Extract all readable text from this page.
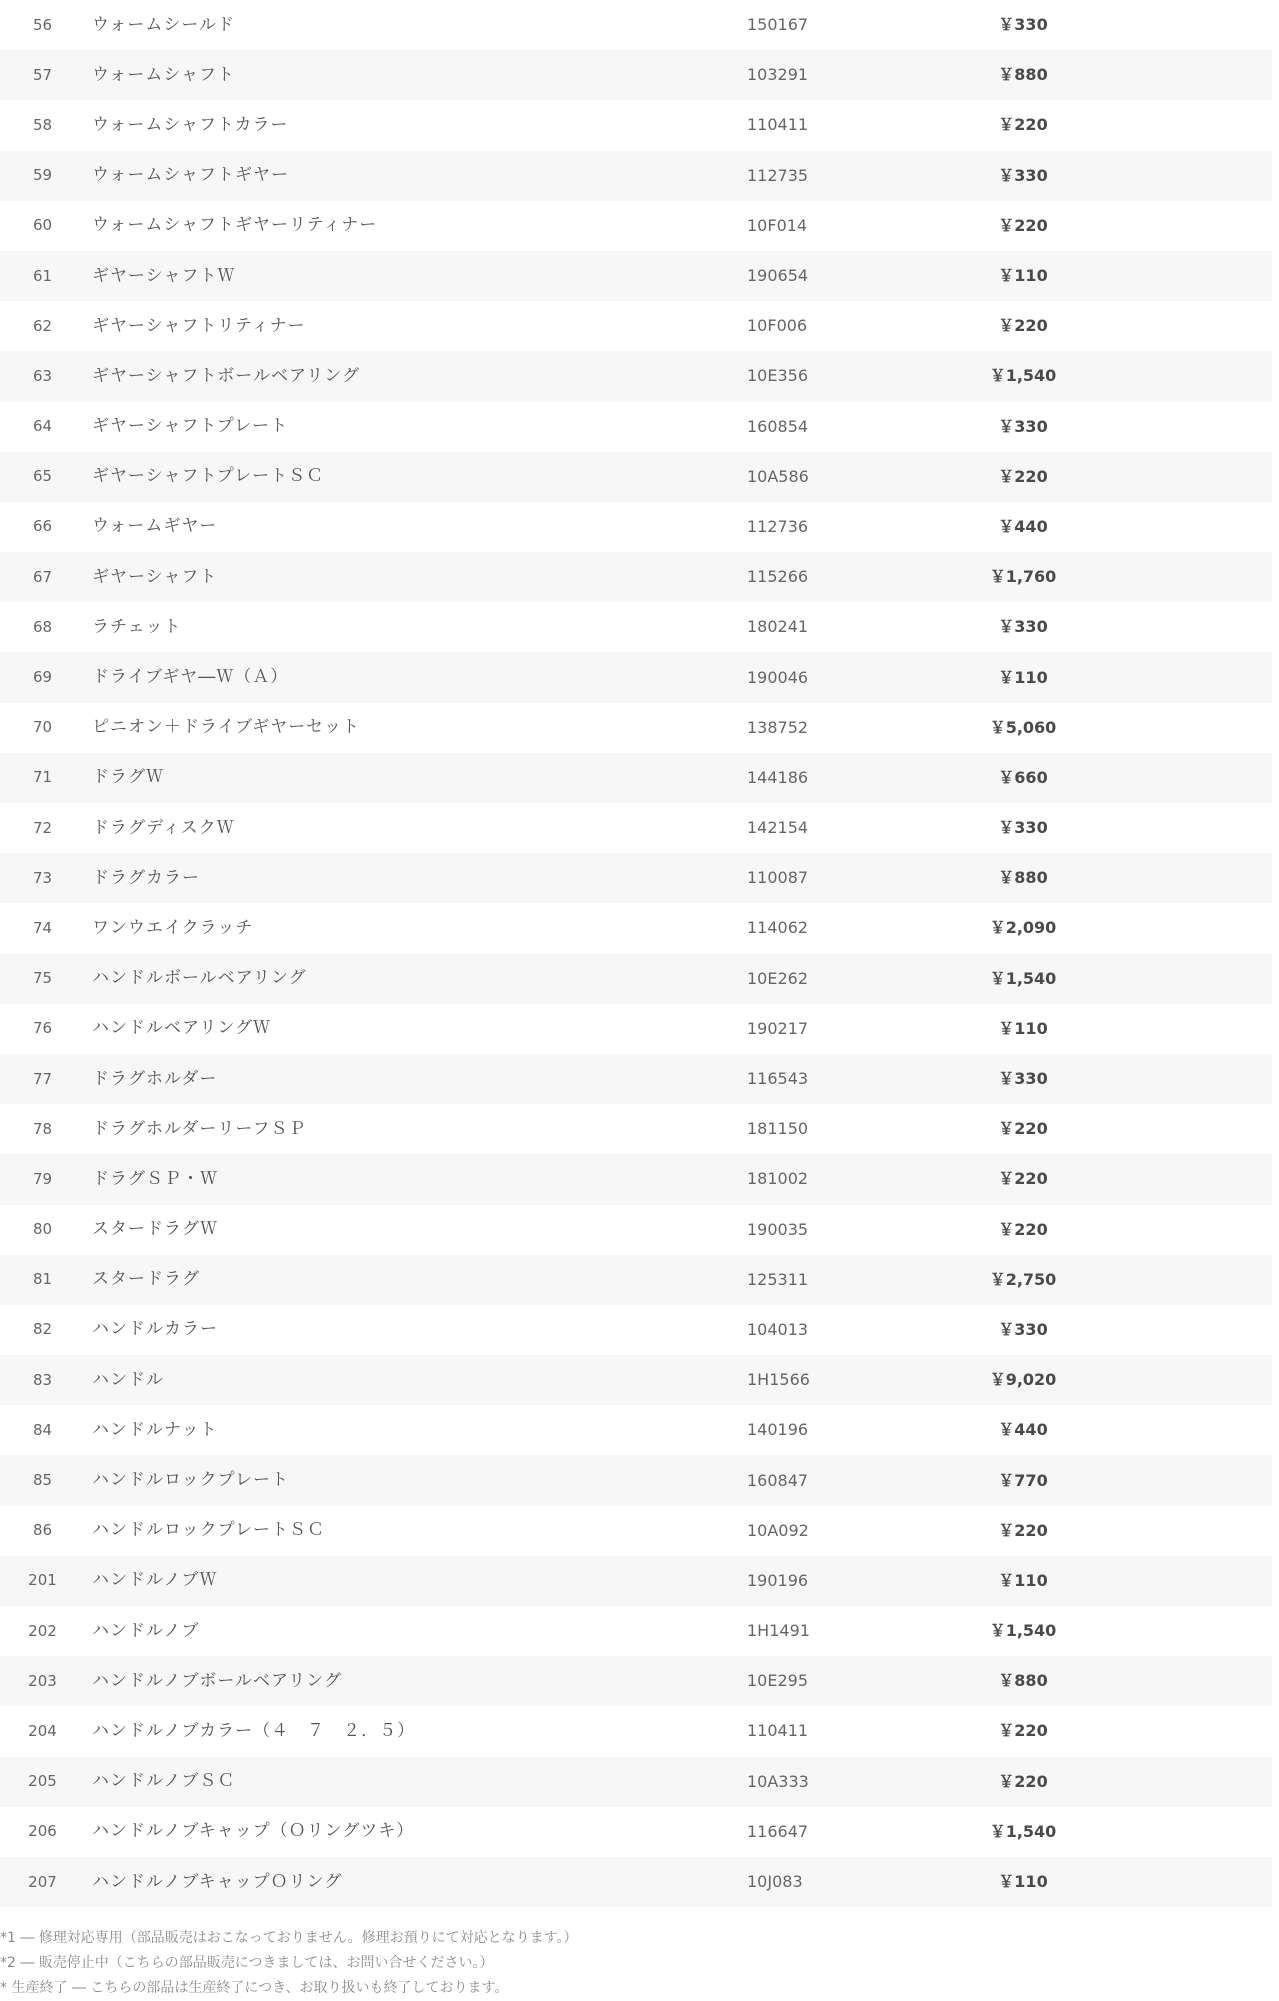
56	ウォームシールド	150167	￥330	
57	ウォームシャフト	103291	￥880	
58	ウォームシャフトカラー	110411	￥220	
59	ウォームシャフトギヤー	112735	￥330	
60	ウォームシャフトギヤーリティナー	10F014	￥220	
61	ギヤーシャフトＷ	190654	￥110	
62	ギヤーシャフトリティナー	10F006	￥220	
63	ギヤーシャフトボールベアリング	10E356	￥1,540	
64	ギヤーシャフトプレート	160854	￥330	
65	ギヤーシャフトプレートＳＣ	10A586	￥220	
66	ウォームギヤー	112736	￥440	
67	ギヤーシャフト	115266	￥1,760	
68	ラチェット	180241	￥330	
69	ドライブギヤ―Ｗ（Ａ）	190046	￥110	
70	ピニオン＋ドライブギヤーセット	138752	￥5,060	
71	ドラグＷ	144186	￥660	
72	ドラグディスクＷ	142154	￥330	
73	ドラグカラー	110087	￥880	
74	ワンウエイクラッチ	114062	￥2,090	
75	ハンドルボールベアリング	10E262	￥1,540	
76	ハンドルベアリングＷ	190217	￥110	
77	ドラグホルダー	116543	￥330	
78	ドラグホルダーリーフＳＰ	181150	￥220	
79	ドラグＳＰ・Ｗ	181002	￥220	
80	スタードラグＷ	190035	￥220	
81	スタードラグ	125311	￥2,750	
82	ハンドルカラー	104013	￥330	
83	ハンドル	1H1566	￥9,020	
84	ハンドルナット	140196	￥440	
85	ハンドルロックプレート	160847	￥770	
86	ハンドルロックプレートＳＣ	10A092	￥220	
201	ハンドルノブＷ	190196	￥110	
202	ハンドルノブ	1H1491	￥1,540	
203	ハンドルノブボールベアリング	10E295	￥880	
204	ハンドルノブカラー（４　７　２．５）	110411	￥220	
205	ハンドルノブＳＣ	10A333	￥220	
206	ハンドルノブキャップ（Ｏリングツキ）	116647	￥1,540	
207	ハンドルノブキャップＯリング	10J083	￥110	

*1 ― 修理対応専用（部品販売はおこなっておりません。修理お預りにて対応となります。）

*2 ― 販売停止中（こちらの部品販売につきましては、お問い合せください。）

* 生産終了 ― こちらの部品は生産終了につき、お取り扱いも終了しております。
